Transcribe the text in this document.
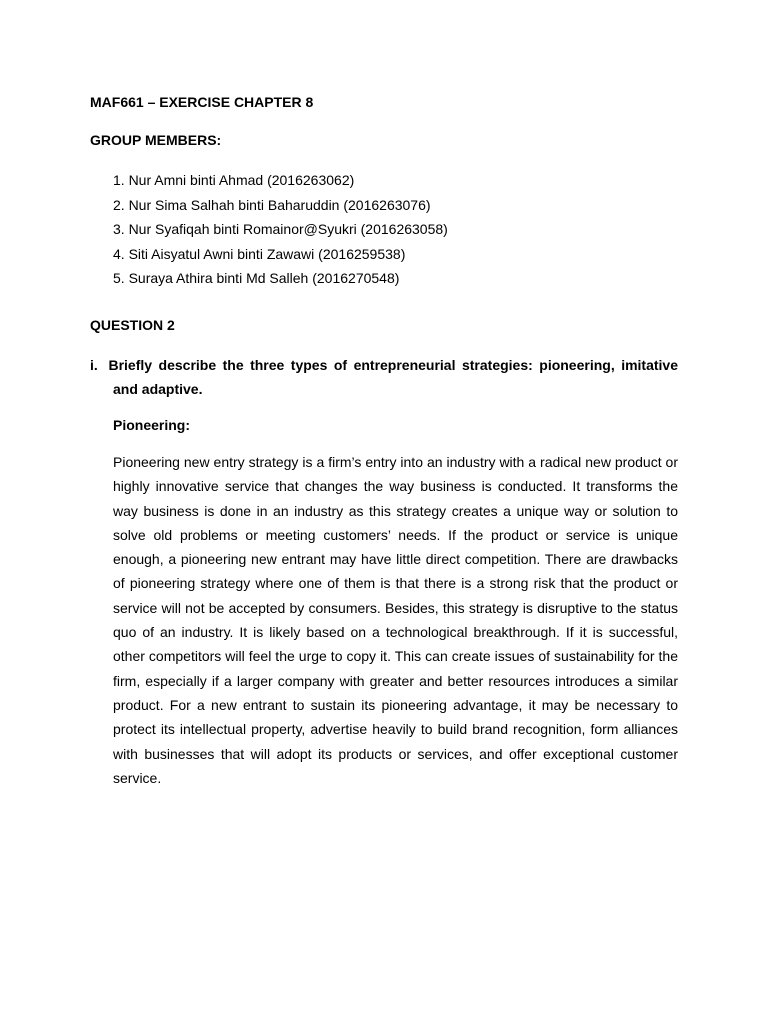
MAF661 – EXERCISE CHAPTER 8

GROUP MEMBERS:

1. Nur Amni binti Ahmad (2016263062)
2. Nur Sima Salhah binti Baharuddin (2016263076)
3. Nur Syafiqah binti Romainor@Syukri (2016263058)
4. Siti Aisyatul Awni binti Zawawi (2016259538)
5. Suraya Athira binti Md Salleh (2016270548)

QUESTION 2

i. Briefly describe the three types of entrepreneurial strategies: pioneering, imitative and adaptive.

Pioneering:

Pioneering new entry strategy is a firm’s entry into an industry with a radical new product or highly innovative service that changes the way business is conducted. It transforms the way business is done in an industry as this strategy creates a unique way or solution to solve old problems or meeting customers’ needs. If the product or service is unique enough, a pioneering new entrant may have little direct competition. There are drawbacks of pioneering strategy where one of them is that there is a strong risk that the product or service will not be accepted by consumers. Besides, this strategy is disruptive to the status quo of an industry. It is likely based on a technological breakthrough. If it is successful, other competitors will feel the urge to copy it. This can create issues of sustainability for the firm, especially if a larger company with greater and better resources introduces a similar product. For a new entrant to sustain its pioneering advantage, it may be necessary to protect its intellectual property, advertise heavily to build brand recognition, form alliances with businesses that will adopt its products or services, and offer exceptional customer service.
